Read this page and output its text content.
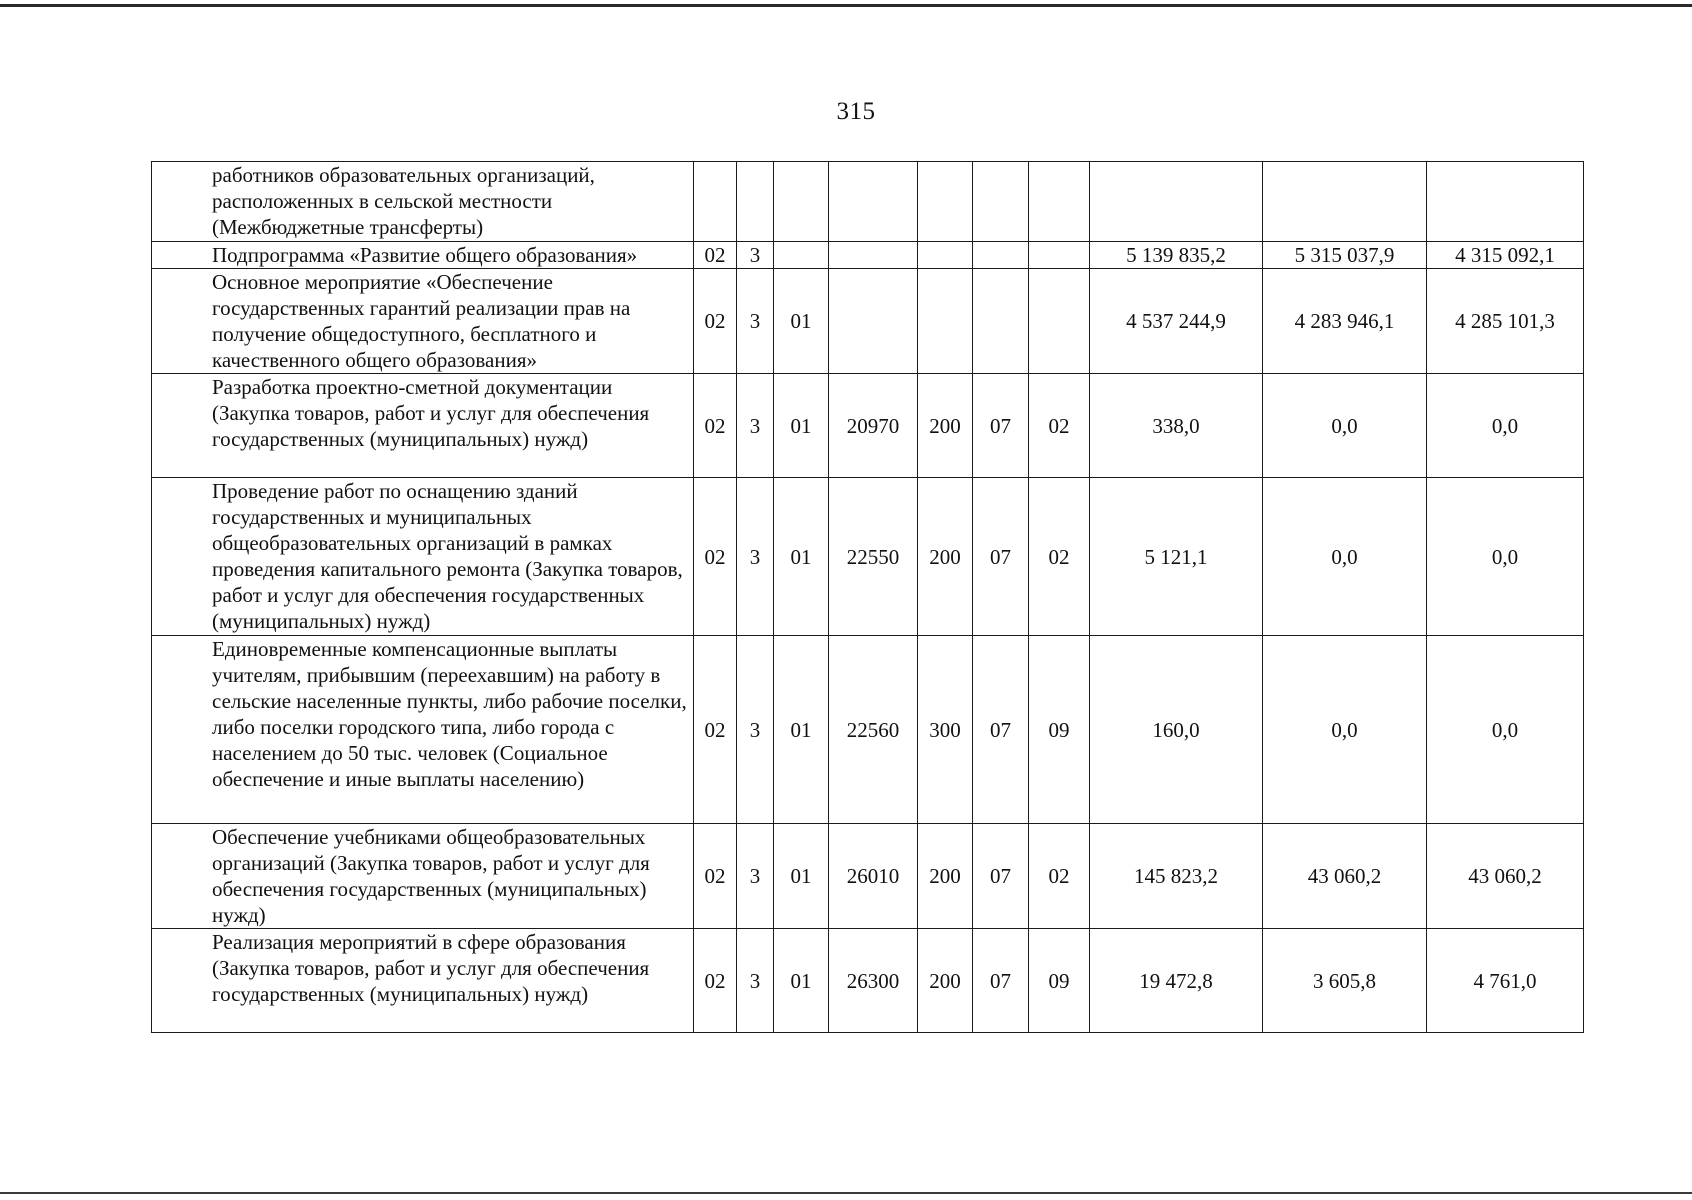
315
работников образовательных организаций, расположенных в сельской местности (Межбюджетные трансферты)										

Подпрограмма «Развитие общего образования»	02	3						5 139 835,2	5 315 037,9	4 315 092,1

Основное мероприятие «Обеспечение государственных гарантий реализации прав на получение общедоступного, бесплатного и качественного общего образования»	02	3	01					4 537 244,9	4 283 946,1	4 285 101,3

Разработка проектно-сметной документации (Закупка товаров, работ и услуг для обеспечения государственных (муниципальных) нужд)	02	3	01	20970	200	07	02	338,0	0,0	0,0

Проведение работ по оснащению зданий государственных и муниципальных общеобразовательных организаций в рамках проведения капитального ремонта (Закупка товаров, работ и услуг для обеспечения государственных (муниципальных) нужд)	02	3	01	22550	200	07	02	5 121,1	0,0	0,0

Единовременные компенсационные выплаты учителям, прибывшим (переехавшим) на работу в сельские населенные пункты, либо рабочие поселки, либо поселки городского типа, либо города с населением до 50 тыс. человек (Социальное обеспечение и иные выплаты населению)	02	3	01	22560	300	07	09	160,0	0,0	0,0

Обеспечение учебниками общеобразовательных организаций (Закупка товаров, работ и услуг для обеспечения государственных (муниципальных) нужд)	02	3	01	26010	200	07	02	145 823,2	43 060,2	43 060,2

Реализация мероприятий в сфере образования (Закупка товаров, работ и услуг для обеспечения государственных (муниципальных) нужд)	02	3	01	26300	200	07	09	19 472,8	3 605,8	4 761,0
